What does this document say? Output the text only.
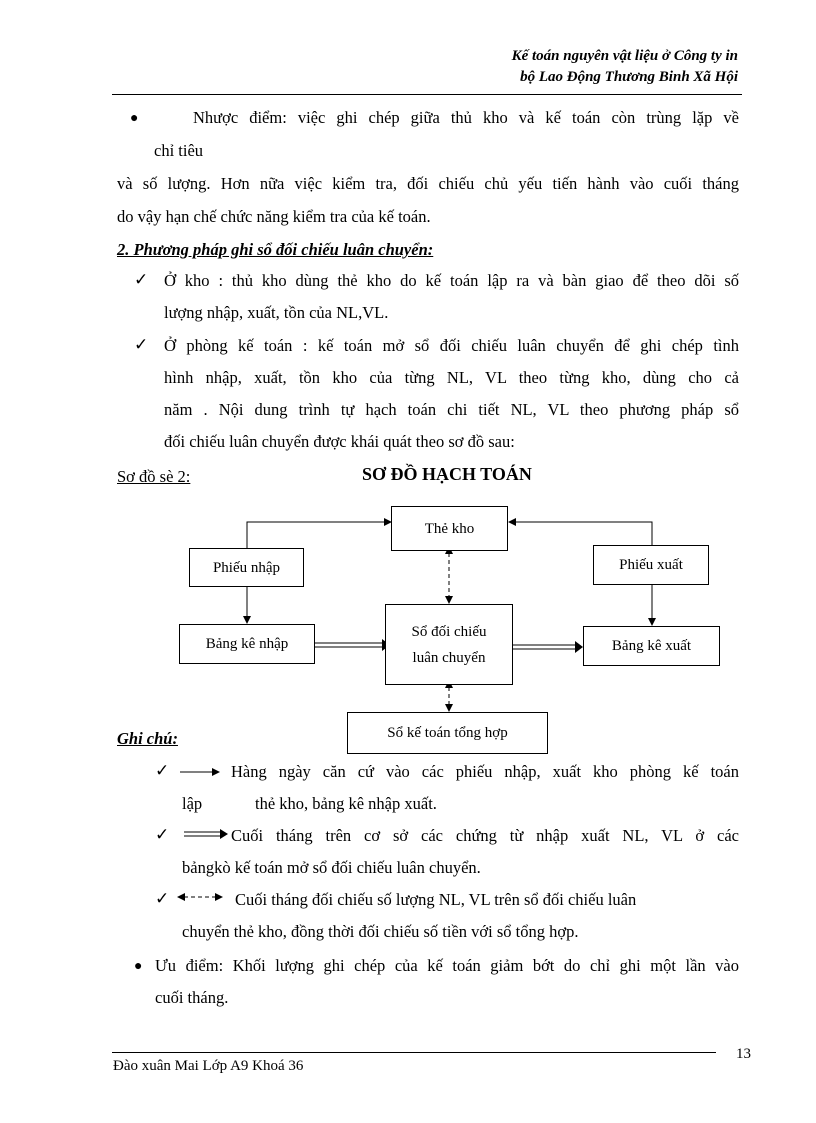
Kế toán nguyên vật liệu ở Công ty in
bộ Lao Động Thương Binh Xã Hội
●	Nhược điểm: việc ghi chép giữa thủ kho và kế toán còn trùng lặp về
chỉ tiêu
và số lượng. Hơn nữa việc kiểm tra, đối chiếu chủ yếu tiến hành vào cuối tháng
do vậy hạn chế chức năng kiểm tra của kế toán.
2. Phương pháp ghi sổ đối chiếu luân chuyển:
✓ Ở kho : thủ kho dùng thẻ kho do kế toán lập ra và bàn giao để theo dõi số
lượng nhập, xuất, tồn của NL,VL.
✓ Ở phòng kế toán : kế toán mở sổ đối chiếu luân chuyển để ghi chép tình
hình nhập, xuất, tồn kho của từng NL, VL theo từng kho, dùng cho cả
năm . Nội dung trình tự hạch toán chi tiết NL, VL theo phương pháp sổ
đối chiếu luân chuyển được khái quát theo sơ đồ sau:
Sơ đồ sè 2:	SƠ ĐỒ HẠCH TOÁN
Thẻ kho
Phiếu nhập	Phiếu xuất
Bảng kê nhập
Sổ đối chiếu
luân chuyển
Bảng kê xuất
Sổ kế toán tổng hợp
Ghi chú:
✓	Hàng ngày căn cứ vào các phiếu nhập, xuất kho phòng kế toán
lập	thẻ kho, bảng kê nhập xuất.
✓	Cuối tháng trên cơ sở các chứng từ nhập xuất NL, VL ở các
bảngkò kế toán mở sổ đối chiếu luân chuyển.
✓	Cuối tháng đối chiếu số lượng NL, VL trên sổ đối chiếu luân
chuyển thẻ kho, đồng thời đối chiếu số tiền với sổ tổng hợp.
● Ưu điểm: Khối lượng ghi chép của kế toán giảm bớt do chỉ ghi một lần vào
cuối tháng.
Đào xuân Mai Lớp A9 Khoá 36
13
